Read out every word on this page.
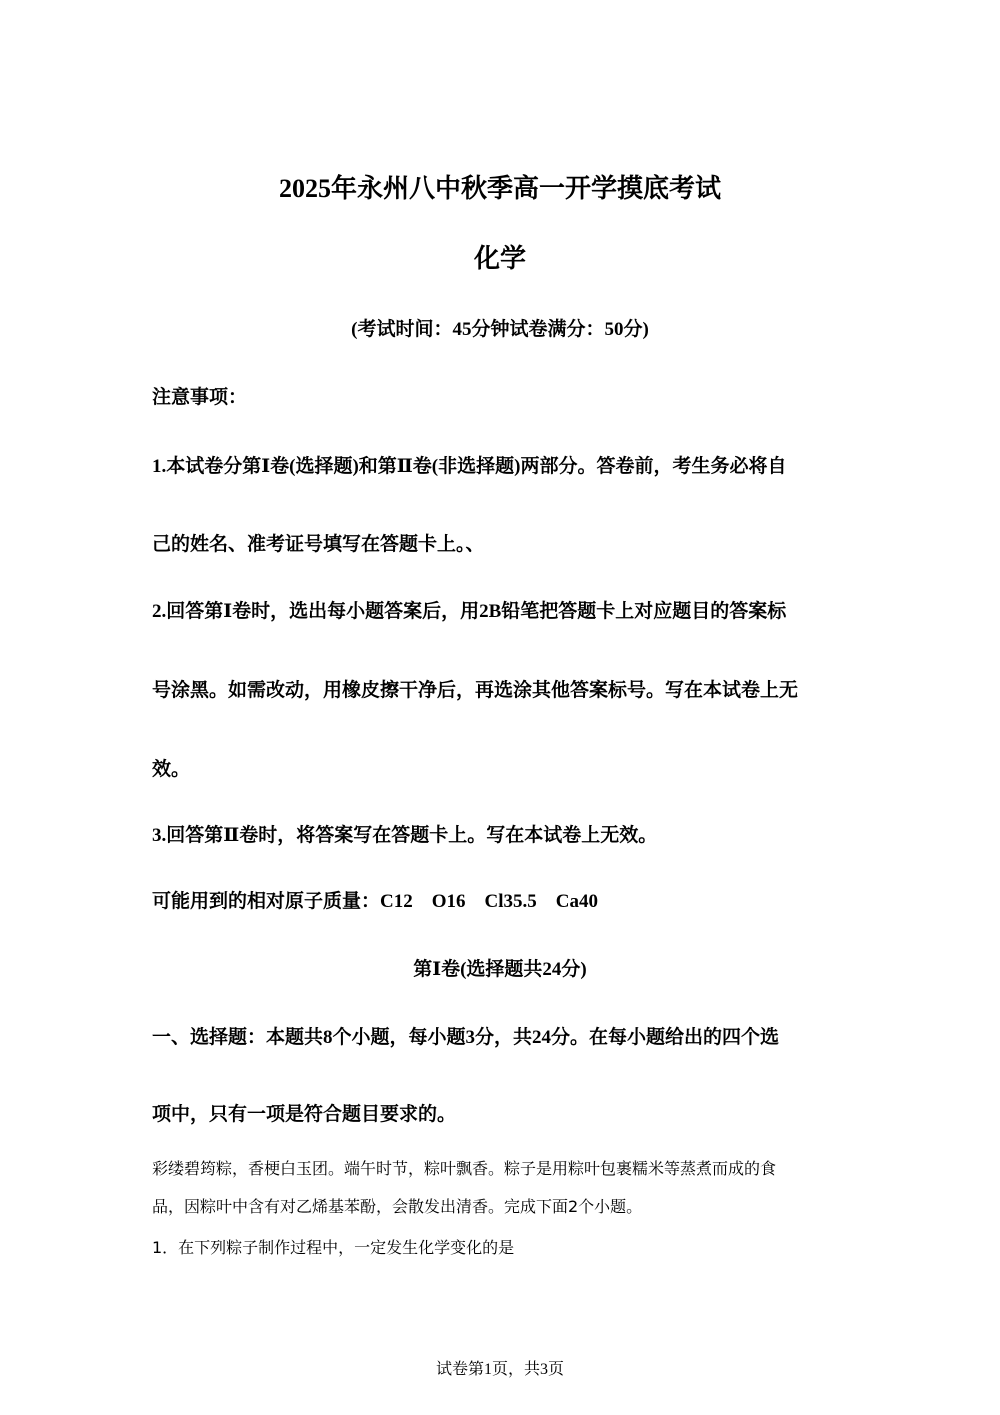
2025年永州八中秋季高一开学摸底考试
化学
(考试时间：45分钟试卷满分：50分)
注意事项：
1.本试卷分第Ⅰ卷(选择题)和第Ⅱ卷(非选择题)两部分。答卷前，考生务必将自
己的姓名、准考证号填写在答题卡上。、
2.回答第Ⅰ卷时，选出每小题答案后，用2B铅笔把答题卡上对应题目的答案标
号涂黑。如需改动，用橡皮擦干净后，再选涂其他答案标号。写在本试卷上无
效。
3.回答第Ⅱ卷时，将答案写在答题卡上。写在本试卷上无效。
可能用到的相对原子质量：C12　O16　Cl35.5　Ca40
第Ⅰ卷(选择题共24分)
一、选择题：本题共8个小题，每小题3分，共24分。在每小题给出的四个选
项中，只有一项是符合题目要求的。
彩缕碧筠粽，香梗白玉团。端午时节，粽叶飘香。粽子是用粽叶包裹糯米等蒸煮而成的食
品，因粽叶中含有对乙烯基苯酚，会散发出清香。完成下面2个小题。
1．在下列粽子制作过程中，一定发生化学变化的是
试卷第1页，共3页
